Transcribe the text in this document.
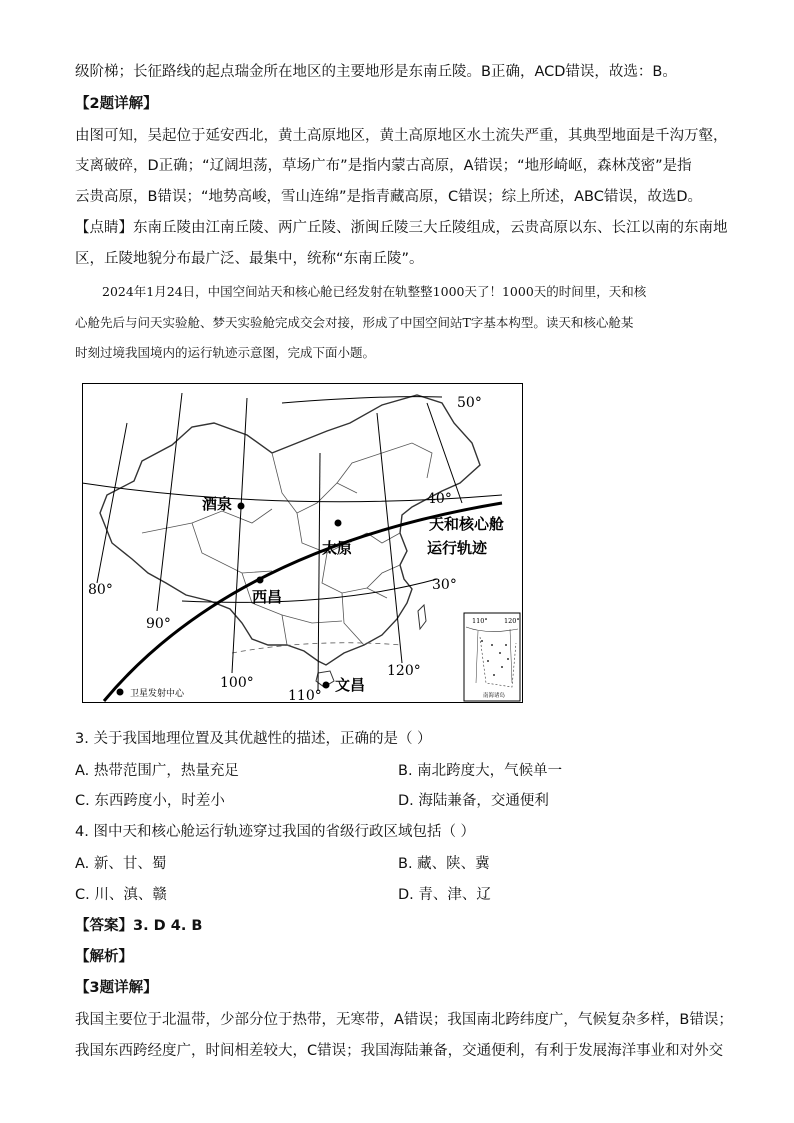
级阶梯；长征路线的起点瑞金所在地区的主要地形是东南丘陵。B正确，ACD错误，故选：B。
【2题详解】
由图可知，吴起位于延安西北，黄土高原地区，黄土高原地区水土流失严重，其典型地面是千沟万壑，
支离破碎，D正确；“辽阔坦荡，草场广布”是指内蒙古高原，A错误；“地形崎岖，森林茂密”是指
云贵高原，B错误；“地势高峻，雪山连绵”是指青藏高原，C错误；综上所述，ABC错误，故选D。
【点睛】东南丘陵由江南丘陵、两广丘陵、浙闽丘陵三大丘陵组成，云贵高原以东、长江以南的东南地
区，丘陵地貌分布最广泛、最集中，统称“东南丘陵”。
2024年1月24日，中国空间站天和核心舱已经发射在轨整整1000天了！1000天的时间里，天和核
心舱先后与问天实验舱、梦天实验舱完成交会对接，形成了中国空间站T字基本构型。读天和核心舱某
时刻过境我国境内的运行轨迹示意图，完成下面小题。
50°
40°
30°
80°
90°
100°
110°
120°
酒泉
太原
西昌
文昌
天和核心舱
运行轨迹
卫星发射中心
110°	120°
南海诸岛
3. 关于我国地理位置及其优越性的描述，正确的是（ ）
A. 热带范围广，热量充足	B. 南北跨度大，气候单一
C. 东西跨度小，时差小	D. 海陆兼备，交通便利
4. 图中天和核心舱运行轨迹穿过我国的省级行政区域包括（ ）
A. 新、甘、蜀	B. 藏、陕、冀
C. 川、滇、赣	D. 青、津、辽
【答案】3. D 4. B
【解析】
【3题详解】
我国主要位于北温带，少部分位于热带，无寒带，A错误；我国南北跨纬度广，气候复杂多样，B错误；
我国东西跨经度广，时间相差较大，C错误；我国海陆兼备，交通便利，有利于发展海洋事业和对外交
